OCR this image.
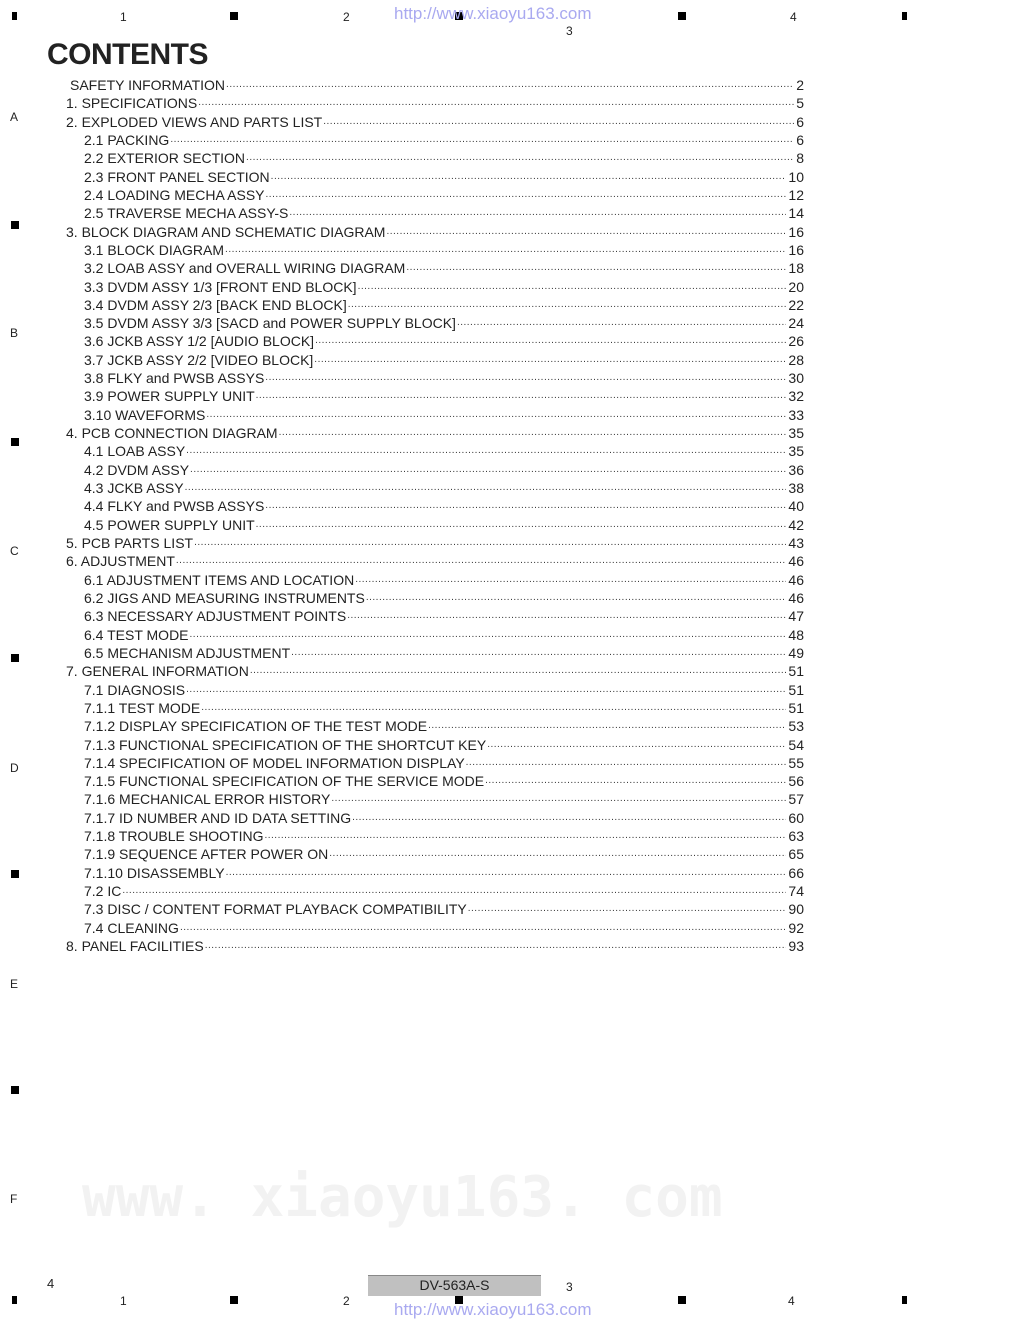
1	2
3
4
http://www.xiaoyu163.com
A
B
C
D
E
F www. xiaoyu163. com
CONTENTS
SAFETY INFORMATION .....	2
1. SPECIFICATIONS .....	5
2. EXPLODED VIEWS AND PARTS LIST .....	6
2.1 PACKING .....	6
2.2 EXTERIOR SECTION .....	8
2.3 FRONT PANEL SECTION .....	10
2.4 LOADING MECHA ASSY .....	12
2.5 TRAVERSE MECHA ASSY-S .....	14
3. BLOCK DIAGRAM AND SCHEMATIC DIAGRAM .....	16
3.1 BLOCK DIAGRAM .....	16
3.2 LOAB ASSY and OVERALL WIRING DIAGRAM .....	18
3.3 DVDM ASSY 1/3 [FRONT END BLOCK] .....	20
3.4 DVDM ASSY 2/3 [BACK END BLOCK] .....	22
3.5 DVDM ASSY 3/3 [SACD and POWER SUPPLY BLOCK] .....	24
3.6 JCKB ASSY 1/2 [AUDIO BLOCK] .....	26
3.7 JCKB ASSY 2/2 [VIDEO BLOCK] .....	28
3.8 FLKY and PWSB ASSYS .....	30
3.9 POWER SUPPLY UNIT .....	32
3.10 WAVEFORMS .....	33
4. PCB CONNECTION DIAGRAM .....	35
4.1 LOAB ASSY .....	35
4.2 DVDM ASSY .....	36
4.3 JCKB ASSY .....	38
4.4 FLKY and PWSB ASSYS .....	40
4.5 POWER SUPPLY UNIT .....	42
5. PCB PARTS LIST .....	43
6. ADJUSTMENT .....	46
6.1 ADJUSTMENT ITEMS AND LOCATION .....	46
6.2 JIGS AND MEASURING INSTRUMENTS .....	46
6.3 NECESSARY ADJUSTMENT POINTS .....	47
6.4 TEST MODE .....	48
6.5 MECHANISM ADJUSTMENT .....	49
7. GENERAL INFORMATION .....	51
7.1 DIAGNOSIS .....	51
7.1.1 TEST MODE .....	51
7.1.2 DISPLAY SPECIFICATION OF THE TEST MODE .....	53
7.1.3 FUNCTIONAL SPECIFICATION OF THE SHORTCUT KEY .....	54
7.1.4 SPECIFICATION OF MODEL INFORMATION DISPLAY .....	55
7.1.5 FUNCTIONAL SPECIFICATION OF THE SERVICE MODE .....	56
7.1.6 MECHANICAL ERROR HISTORY .....	57
7.1.7 ID NUMBER AND ID DATA SETTING .....	60
7.1.8 TROUBLE SHOOTING .....	63
7.1.9 SEQUENCE AFTER POWER ON .....	65
7.1.10 DISASSEMBLY .....	66
7.2 IC .....	74
7.3 DISC / CONTENT FORMAT PLAYBACK COMPATIBILITY .....	90
7.4 CLEANING .....	92
8. PANEL FACILITIES .....	93
4	DV-563A-S
1	2
3
4
http://www.xiaoyu163.com
